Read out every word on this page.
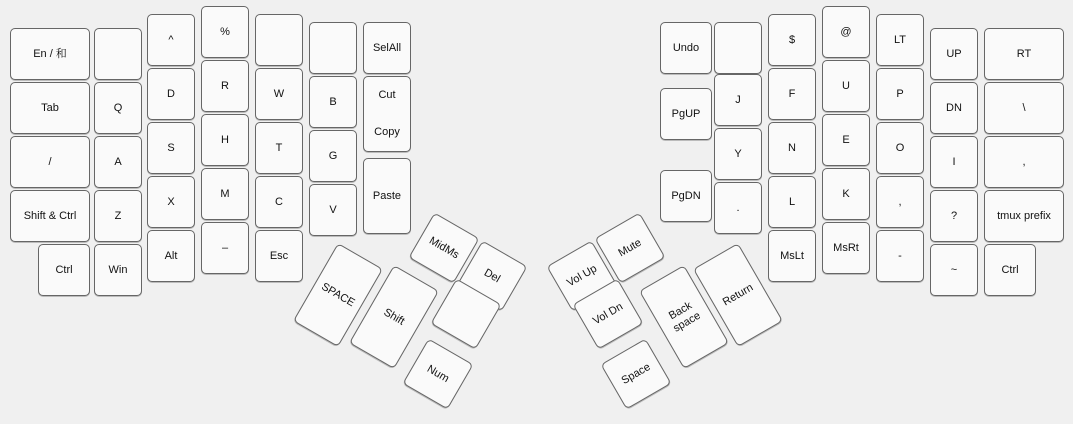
En / 和
Tab	Q
/	A
Shift & Ctrl	Z
Ctrl	Win
^
D
S
X
Alt
%
R
H
M
–
W
T
C
Esc
B
G
V
SelAll
Cut
Copy
Paste
MidMs
Del
SPACE
Shift
Num
Undo
PgUP
PgDN
J
Y
.
$
F
N
L
MsLt
@
U
E
K
MsRt
LT
P
O
,
-
UP
DN
I
?
~
RT
\
,
tmux prefix
Ctrl
Vol Up
Mute
Vol Dn
Space
Back
space
Return
